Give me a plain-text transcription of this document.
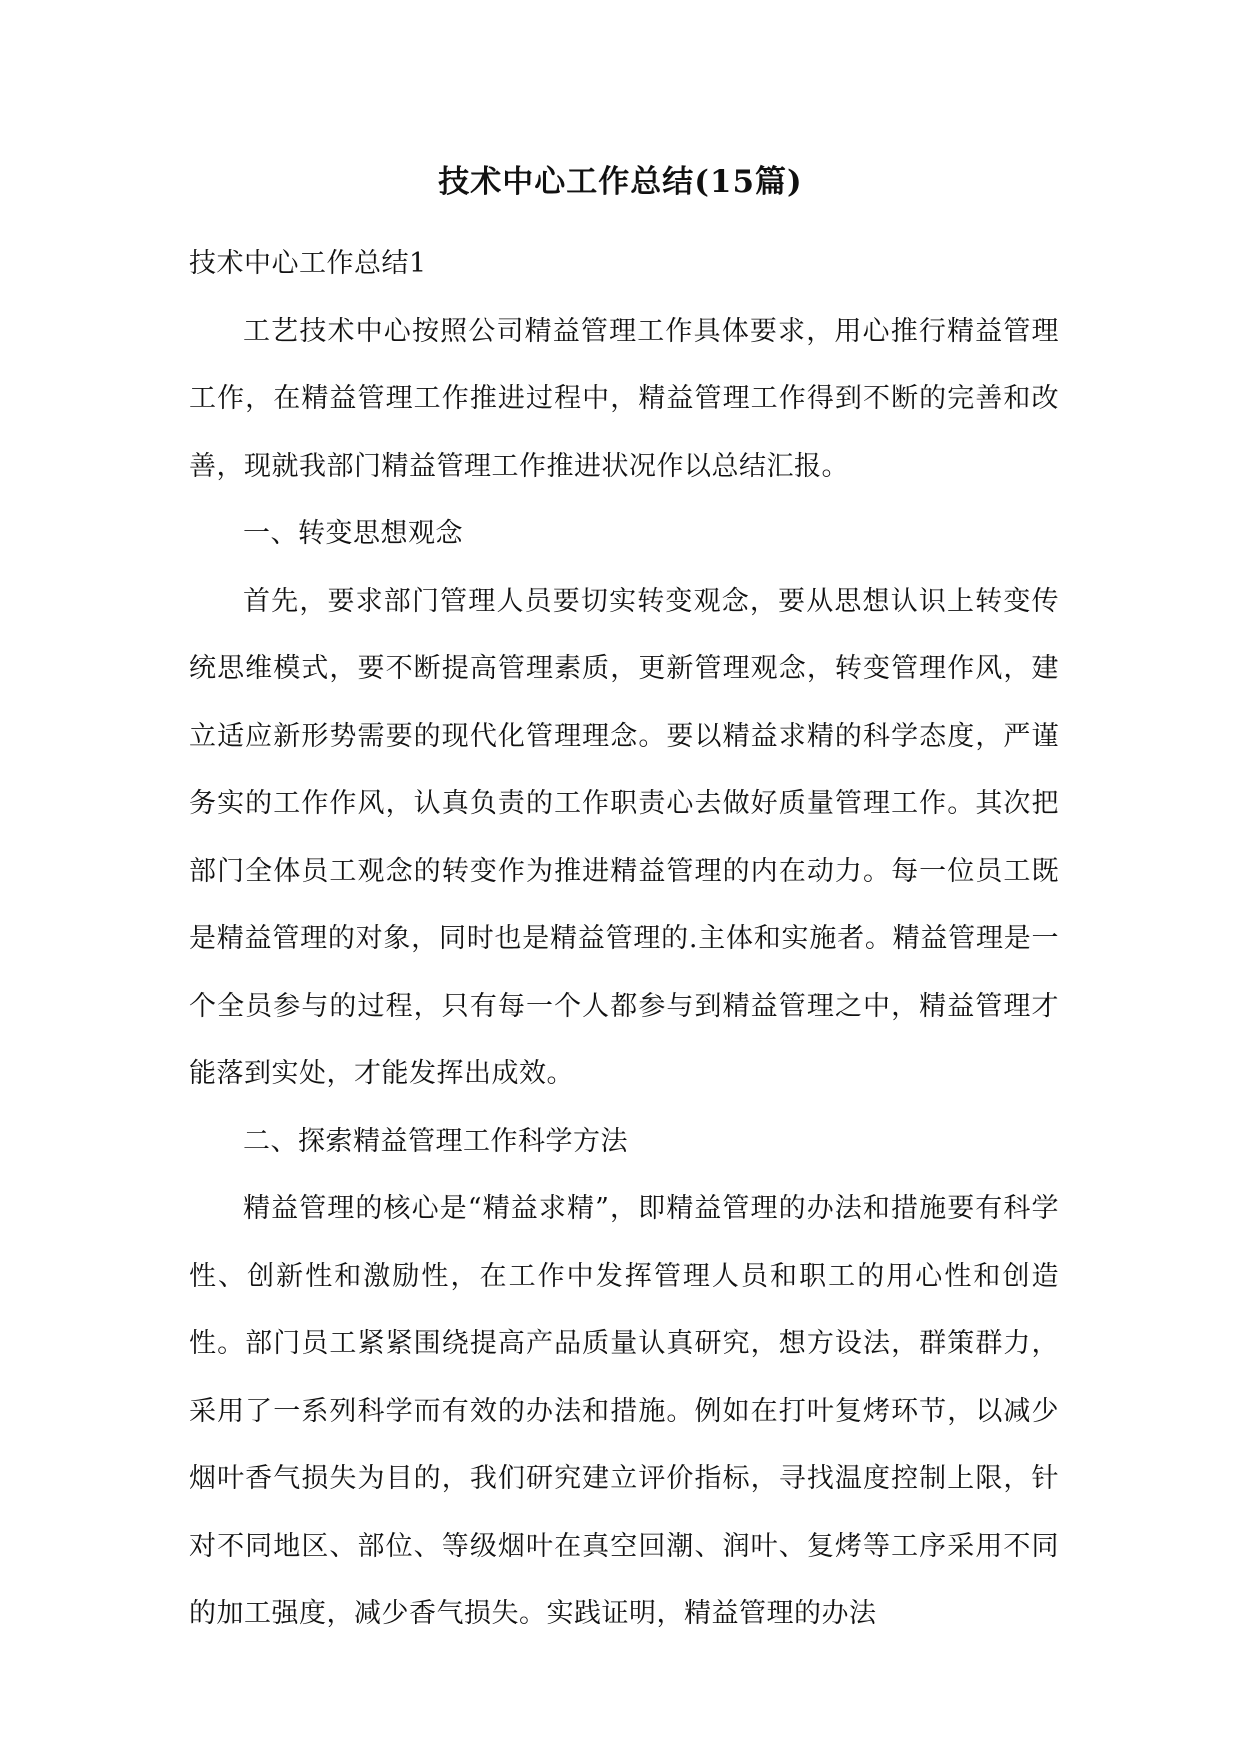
技术中心工作总结(15篇)

技术中心工作总结1

工艺技术中心按照公司精益管理工作具体要求，用心推行精益管理工作，在精益管理工作推进过程中，精益管理工作得到不断的完善和改善，现就我部门精益管理工作推进状况作以总结汇报。

一、转变思想观念

首先，要求部门管理人员要切实转变观念，要从思想认识上转变传统思维模式，要不断提高管理素质，更新管理观念，转变管理作风，建立适应新形势需要的现代化管理理念。要以精益求精的科学态度，严谨务实的工作作风，认真负责的工作职责心去做好质量管理工作。其次把部门全体员工观念的转变作为推进精益管理的内在动力。每一位员工既是精益管理的对象，同时也是精益管理的.主体和实施者。精益管理是一个全员参与的过程，只有每一个人都参与到精益管理之中，精益管理才能落到实处，才能发挥出成效。

二、探索精益管理工作科学方法

精益管理的核心是“精益求精”，即精益管理的办法和措施要有科学性、创新性和激励性，在工作中发挥管理人员和职工的用心性和创造性。部门员工紧紧围绕提高产品质量认真研究，想方设法，群策群力，采用了一系列科学而有效的办法和措施。例如在打叶复烤环节，以减少烟叶香气损失为目的，我们研究建立评价指标，寻找温度控制上限，针对不同地区、部位、等级烟叶在真空回潮、润叶、复烤等工序采用不同的加工强度，减少香气损失。实践证明，精益管理的办法
